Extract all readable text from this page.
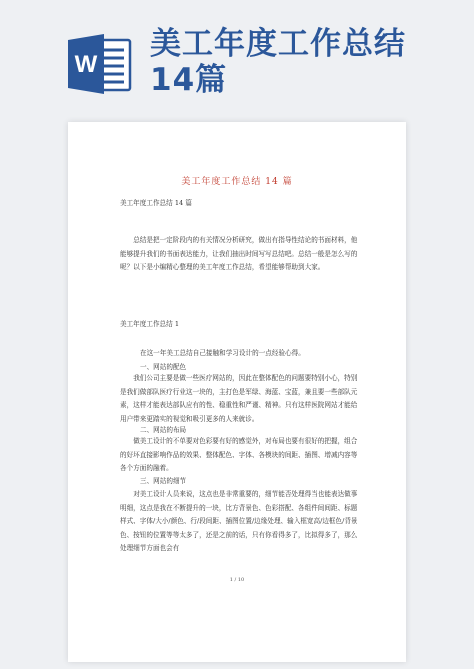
W
美工年度工作总结
14篇
美工年度工作总结 14 篇
美工年度工作总结 14 篇
总结是把一定阶段内的有关情况分析研究，做出有指导性结论的书面材料，他能够提升我们的书面表达能力，让我们抽出时间写写总结吧。总结一般是怎么写的呢？以下是小编精心整理的美工年度工作总结，希望能够帮助到大家。
美工年度工作总结 1
在这一年美工总结自己接触和学习设计的一点经验心得。
一、网站的配色
我们公司主要是做一些医疗网站的，因此在整体配色的问题要特别小心，特别是我们做部队医疗行业这一块的，主打色是军绿、海蓝、宝蓝，兼且要一些部队元素，这样才能表达部队应有的性、稳重性和严谨、精神。只有这样医院网站才能给用户带来更踏实的视觉和吸引更多的人来就诊。
二、网站的布局
做美工设计的不单要对色彩要有好的感觉外，对布局也要有很好的把握，组合的好坏直接影响作品的效果、整体配色、字体、各模块的间距、插图、增减内容等各个方面的融着。
三、网站的细节
对美工设计人员来说，这点也是非常重要的，细节能否处理得当也能表达做事明细，这点是我在不断提升的一块，比方背景色、色彩搭配、各组件间间距、标题样式、字体/大小/颜色、行/段间距、插图位置/边缘处理、输入框宽高/边框色/背景色、按钮的位置等等太多了，还是之前的话，只有你看得多了，比拟得多了，那么处理细节方面也会有
1 / 10
